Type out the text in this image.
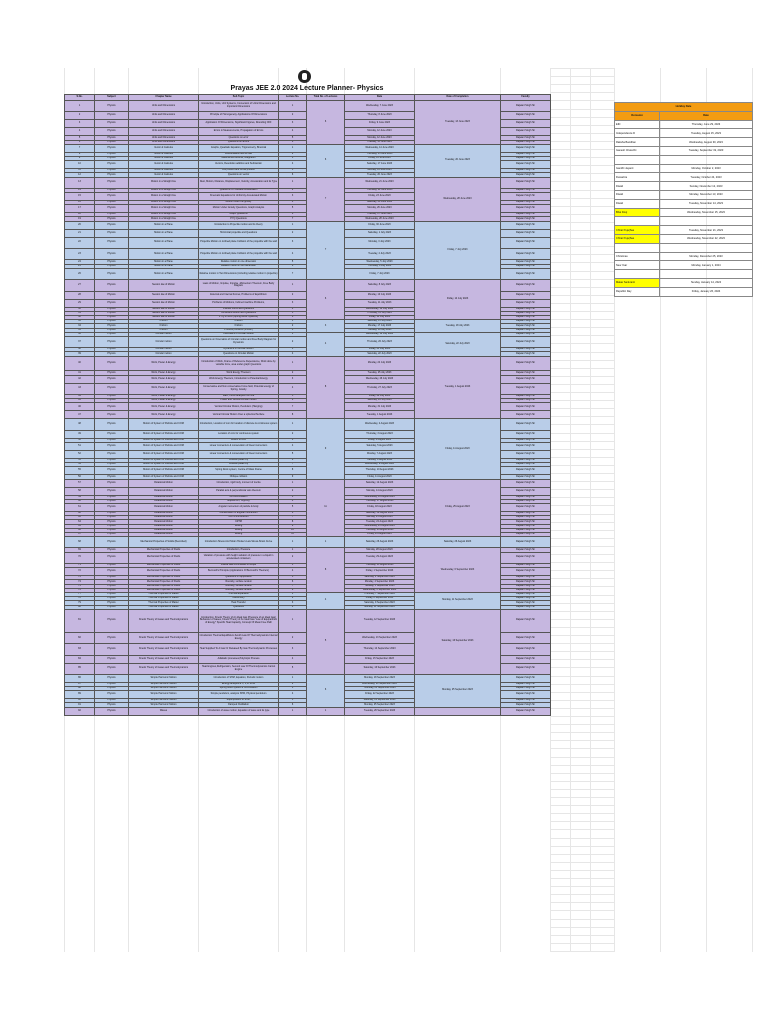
Prayas JEE 2.0 2024 Lecture Planner- Physics
S.No.	Subject	Chapter Name	Sub Topic	Lecture No.	Total No. of Lectures	Date	Date of Completion	Faculty
1	Physics	Units and Dimensions	Introduction, Units, Unit Systems, Conversion of Units Dimensions and Important Dimensions	1	6	Wednesday, 7 June 2023	Tuesday, 13 June 2023	Rajwant Singh Sir
2	Physics	Units and Dimensions	Principle of Homogeneity, Applications Of Dimensions	2		Thursday, 8 June 2023		Rajwant Singh Sir
3	Physics	Units and Dimensions	Application Of Dimensions, Significant Figures, Rounding OFF	3		Friday, 9 June 2023		Rajwant Singh Sir
4	Physics	Units and Dimensions	Errors in Measurements, Propagation of Errors	4		Monday, 12 June 2023		Rajwant Singh Sir
5	Physics	Units and Dimensions	Questions on error	5		Monday, 12 June 2023		Rajwant Singh Sir
6	Physics	Units and Dimensions	Questions on Errors	6		Tuesday, 13 June 2023		Rajwant Singh Sir
7	Physics	Vector & Calculus	Graphs, Quadratic Equation, Trigonometry, Binomial	1	6	Wednesday, 14 June 2023	Tuesday, 20 June 2023	Rajwant Singh Sir
8	Physics	Vector & Calculus	Differentiation and its use	2		Thursday, 15 June 2023		Rajwant Singh Sir
9	Physics	Vector & Calculus	Maxima and Minima, Integration	3		Friday, 16 June 2023		Rajwant Singh Sir
10	Physics	Vector & Calculus	Vectors, Resolution addition and Subtraction	4		Saturday, 17 June 2023		Rajwant Singh Sir
11	Physics	Vector & Calculus	Dot product and Cross product	5		Monday, 19 June 2023		Rajwant Singh Sir
12	Physics	Vector & Calculus	Questions on vector	6		Tuesday, 20 June 2023		Rajwant Singh Sir
13	Physics	Motion in a Straight line	Rest, Motion, Distance, Displacement, Velocity, Acceleration and its Type	1	7	Wednesday, 21 June 2023	Wednesday, 28 June 2023	Rajwant Singh Sir
14	Physics	Motion in a Straight line	Questions On Variable Acceleration	2		Thursday, 22 June 2023		Rajwant Singh Sir
15	Physics	Motion in a Straight line	Kinematic Equations for Uniformly Accelerated Motion	3		Friday, 23 June 2023		Rajwant Singh Sir
16	Physics	Motion in a Straight line	Motion under the gravity	4		Saturday, 24 June 2023		Rajwant Singh Sir
17	Physics	Motion in a Straight line	Motion Under Gravity Questions, Graph Analysis	5		Monday, 26 June 2023		Rajwant Singh Sir
18	Physics	Motion in a Straight line	Graph Questions	6		Tuesday, 27 June 2023		Rajwant Singh Sir
19	Physics	Motion in a Straight line	PYQ Questions	7		Wednesday, 28 June 2023		Rajwant Singh Sir
20	Physics	Motion in a Plane	Introduction to Projectile motion and its theory	1	7	Friday, 30 June 2023	Friday, 7 July 2023	Rajwant Singh Sir
21	Physics	Motion in a Plane	Horizontal projectile and Questions	2		Saturday, 1 July 2023		Rajwant Singh Sir
22	Physics	Motion in a Plane	Projectile Motion on inclined plane Collision of the projectile with the wall	3		Monday, 3 July 2023		Rajwant Singh Sir
23	Physics	Motion in a Plane	Projectile Motion on inclined plane Collision of the projectile with the wall	4		Tuesday, 4 July 2023		Rajwant Singh Sir
24	Physics	Motion in a Plane	Relative motion in one dimension	5		Wednesday, 5 July 2023		Rajwant Singh Sir
25	Physics	Motion in a Plane	Relative motion in two dimension	6		Thursday, 6 July 2023		Rajwant Singh Sir
26	Physics	Motion in a Plane	Relative motion in Two Dimensions (including relative motion in projectile)	7		Friday, 7 July 2023		Rajwant Singh Sir
27	Physics	Newton law of Motion	Laws of Motion, Impulse, Impulse -Momentum Theorem, Free Body Diagram	1	6	Saturday, 8 July 2023	Friday, 14 July 2023	Rajwant Singh Sir
28	Physics	Newton law of Motion	External and Internal Forces, Problems of Equilibrium	2		Monday, 10 July 2023		Rajwant Singh Sir
29	Physics	Newton law of Motion	Problems of Motions, Inclined machine Problems,	3		Tuesday, 11 July 2023		Rajwant Singh Sir
30	Physics	Newton law of Motion	Pseudo Force and Questions	4		Wednesday, 12 July 2023		Rajwant Singh Sir
31	Physics	Newton law of Motion	Constraint Motion and Questions	5		Thursday, 13 July 2023		Rajwant Singh Sir
32	Physics	Newton law of Motion	PYQ of NLM (Spring Block Systems)	6		Friday, 14 July 2023		Rajwant Singh Sir
33	Physics	Friction	Friction	1	3	Saturday, 15 July 2023	Tuesday, 18 July 2023	Rajwant Singh Sir
34	Physics	Friction	Friction	2		Monday, 17 July 2023		Rajwant Singh Sir
35	Physics	Friction	2 blocks problems (friction)	3		Tuesday, 18 July 2023		Rajwant Singh Sir
36	Physics	Circular motion	Kinematics of circular Motion	1	4	Wednesday, 19 July 2023	Saturday, 22 July 2023	Rajwant Singh Sir
37	Physics	Circular motion	Questions on Kinematics of Circular motion and Free Body Diagram for Dynamics	2		Thursday, 20 July 2023		Rajwant Singh Sir
38	Physics	Circular motion	Dynamics of Circular Motion	3		Friday, 21 July 2023		Rajwant Singh Sir
39	Physics	Circular motion	Questions on Circular Motion	4		Saturday, 22 July 2023		Rajwant Singh Sir
40	Physics	Work, Power & Energy	Introduction of Work, Frame of Reference Dependence, Work done by variable force, area under graph Questions	1	8	Monday, 24 July 2023	Tuesday, 1 August 2023	Rajwant Singh Sir
41	Physics	Work, Power & Energy	Work Energy Theorem	2		Tuesday, 25 July 2023		Rajwant Singh Sir
42	Physics	Work, Power & Energy	Work Energy Theorem, Introduction to Potential Energy	3		Wednesday, 26 July 2023		Rajwant Singh Sir
43	Physics	Work, Power & Energy	Conservative and Non conservative Force field, Potential energy of Spring, Gravity	4		Thursday, 27 July 2023		Rajwant Singh Sir
44	Physics	Work, Power & Energy	MEC, Force analysis from PE	5		Friday, 28 July 2023		Rajwant Singh Sir
45	Physics	Work, Power & Energy	Power and Vertical circular motion	6		Saturday, 29 July 2023		Rajwant Singh Sir
46	Physics	Work, Power & Energy	Vertical Circular Motion, Pendulum (Hanging)	7		Monday, 31 July 2023		Rajwant Singh Sir
47	Physics	Work, Power & Energy	Vertical Circular Motion Over a spherical Surface	8		Tuesday, 1 August 2023		Rajwant Singh Sir
48	Physics	Motion of System of Particle and COM	Introduction, Location of com for location of discrete & continuous system	1	9	Wednesday, 2 August 2023	Friday, 11 August 2023	Rajwant Singh Sir
49	Physics	Motion of System of Particle and COM	Location of com for continuous system	2		Thursday, 3 August 2023		Rajwant Singh Sir
50	Physics	Motion of System of Particle and COM	Motion of com	3		Friday, 4 August 2023		Rajwant Singh Sir
51	Physics	Motion of System of Particle and COM	Linear momentum & conservation of linear momentum	4		Saturday, 5 August 2023		Rajwant Singh Sir
52	Physics	Motion of System of Particle and COM	Linear momentum & conservation of linear momentum	5		Monday, 7 August 2023		Rajwant Singh Sir
53	Physics	Motion of System of Particle and COM	Collision(head on)	6		Tuesday, 8 August 2023		Rajwant Singh Sir
54	Physics	Motion of System of Particle and COM	Collision(head on)	7		Wednesday, 9 August 2023		Rajwant Singh Sir
55	Physics	Motion of System of Particle and COM	Spring block system, Centre of Mass Frame	8		Thursday, 10 August 2023		Rajwant Singh Sir
56	Physics	Motion of System of Particle and COM	Oblique collision	9		Friday, 11 August 2023		Rajwant Singh Sir
57	Physics	Rotational Motion	Introduction, rigid body, moment of inertia	1	11	Saturday, 12 August 2023	Friday, 25 August 2023	Rajwant Singh Sir
58	Physics	Rotational Motion	Parallel axis & perpendicular axis theorem	2		Monday, 14 August 2023		Rajwant Singh Sir
59	Physics	Rotational Motion	Do Axis Rotation	3		Wednesday, 16 August 2023		Rajwant Singh Sir
60	Physics	Rotational Motion	Equilibrium, Toppling	4		Thursday, 17 August 2023		Rajwant Singh Sir
61	Physics	Rotational Motion	Angular momentum of particle & body	5		Friday, 18 August 2023		Rajwant Singh Sir
62	Physics	Rotational Motion	Conservation of angular momentum	6		Saturday, 19 August 2023		Rajwant Singh Sir
63	Physics	Rotational Motion	CRTM Introduction	7		Monday, 21 August 2023		Rajwant Singh Sir
64	Physics	Rotational Motion	CRTM	8		Tuesday, 22 August 2023		Rajwant Singh Sir
65	Physics	Rotational Motion	Rolling	9		Wednesday, 23 August 2023		Rajwant Singh Sir
66	Physics	Rotational Motion	Rolling	10		Thursday, 24 August 2023		Rajwant Singh Sir
67	Physics	Rotational Motion	Rolling	11		Friday, 25 August 2023		Rajwant Singh Sir
68	Physics	Mechanical Properties of Solids (Recorded)	Introduction Stress And Strain Hooke's Law Stress-Strain Curve	1	1	Saturday, 26 August 2023	Saturday, 26 August 2023	Rajwant Singh Sir
69	Physics	Mechanical Properties of Fluids	Introduction, Pressure	1	8	Monday, 28 August 2023	Wednesday, 6 September 2023	Rajwant Singh Sir
70	Physics	Mechanical Properties of Fluids	Variation of pressure with height variation of pressure in a liquid in accelerated containers	2		Tuesday, 29 August 2023		Rajwant Singh Sir
71	Physics	Mechanical Properties of Fluids	Pascal Law Archimedes Principle	3		Thursday, 31 August 2023		Rajwant Singh Sir
72	Physics	Mechanical Properties of Fluids	Bernoulli's Principle (Applications Of Bernoulli's Theorem)	4		Friday, 1 September 2023		Rajwant Singh Sir
73	Physics	Mechanical Properties of Fluids	Questions on Application	5		Saturday, 2 September 2023		Rajwant Singh Sir
74	Physics	Mechanical Properties of Fluids	Viscosity, surface tension	6		Monday, 4 September 2023		Rajwant Singh Sir
75	Physics	Mechanical Properties of Fluids	Viscosity, surface tension	7		Tuesday, 5 September 2023		Rajwant Singh Sir
76	Physics	Mechanical Properties of Fluids	Viscosity, surface tension	8		Wednesday, 6 September 2023		Rajwant Singh Sir
77	Physics	Thermal Properties of Matter	Thermal Expansion	1	4	Thursday, 7 September 2023	Monday, 11 September 2023	Rajwant Singh Sir
78	Physics	Thermal Properties of Matter	Calorimetry	2		Friday, 8 September 2023		Rajwant Singh Sir
79	Physics	Thermal Properties of Matter	Heat Transfer	3		Saturday, 9 September 2023		Rajwant Singh Sir
80	Physics	Thermal Properties of Matter	Questions	4		Monday, 11 September 2023		Rajwant Singh Sir
81	Physics	Kinetic Theory of Gases and Thermodynamics	Introduction, Kinetic Theory of An Ideal Gas (Pressure of an Ideal Gas) Behaviour of Gases, Kinetic Theory of An Ideal Gas "Law of Equipartition of Energy" Specific Heat Capacity, Concept Of Mean Free Path	1	5	Tuesday, 12 September 2023	Saturday, 16 September 2023	Rajwant Singh Sir
82	Physics	Kinetic Theory of Gases and Thermodynamics	Introduction Thermal Equilibrium Zeroth Law Of Thermodynamics Internal Energy	2		Wednesday, 13 September 2023		Rajwant Singh Sir
83	Physics	Kinetic Theory of Gases and Thermodynamics	Heat Supplied To A Gas Or Released By Gas Thermodynamic Processes	3		Thursday, 14 September 2023		Rajwant Singh Sir
84	Physics	Kinetic Theory of Gases and Thermodynamics	Adiabatic processes,Polytropic Process	4		Friday, 15 September 2023		Rajwant Singh Sir
85	Physics	Kinetic Theory of Gases and Thermodynamics	Heat Engines,Refrigerators, Second Law Of Thermodynamics Carnot Engine	5		Saturday, 16 September 2023		Rajwant Singh Sir
86	Physics	Simple Harmonic Motion	Introduction of SHM, Equation, Periodic motion	1	6	Monday, 18 September 2023	Monday, 25 September 2023	Rajwant Singh Sir
87	Physics	Simple Harmonic Motion	Energy analysis & 'x, v, a' SHM	2		Wednesday, 20 September 2023		Rajwant Singh Sir
88	Physics	Simple Harmonic Motion	Spring block system & Combination	3		Thursday, 21 September 2023		Rajwant Singh Sir
89	Physics	Simple Harmonic Motion	Simple pendulum, analysis SHM, Physical pendulum	4		Friday, 22 September 2023		Rajwant Singh Sir
90	Physics	Simple Harmonic Motion	Superposition of SHM,	5		Saturday, 23 September 2023		Rajwant Singh Sir
91	Physics	Simple Harmonic Motion	Damped Oscillation	6		Monday, 25 September 2023		Rajwant Singh Sir
92	Physics	Waves	Introduction of wave motion, Equation of wave and its type	1	1	Tuesday, 26 September 2023		Rajwant Singh Sir
Holiday Date	
Occasion	Date
EID	Thursday, June 29, 2023
Independence D	Tuesday, August 15, 2023
Raksha Bandhan	Wednesday, August 30, 2023
Ganesh Chaturthi	Tuesday, September 19, 2023

Gandhi Jayanti	Monday, October 2, 2023
Dussehra	Tuesday, October 24, 2023
Diwali	Sunday, November 12, 2023
Diwali	Monday, November 13, 2023
Diwali	Tuesday, November 14, 2023
Bhai Dooj	Wednesday, November 15, 2023

Chhat Puja(Sas	Tuesday, November 21, 2023
Chhat Puja(Sas	Wednesday, November 22, 2023

Christmas	Monday, December 25, 2023
New Year	Monday, January 1, 2024

Makar Sankranti	Sunday, January 14, 2024
Republic Day	Friday, January 26, 2024
